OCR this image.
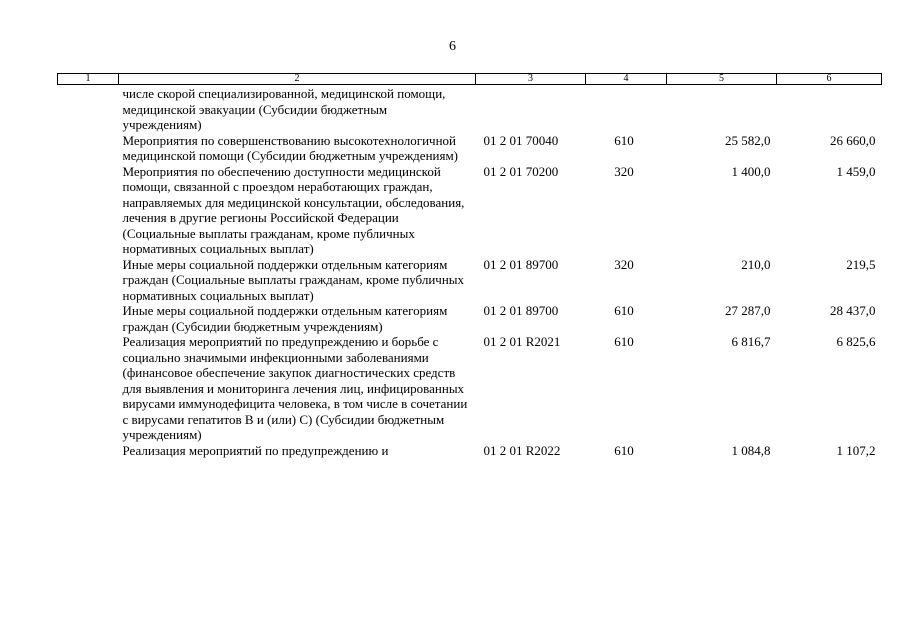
6
1	2	3	4	5	6
	числе скорой специализированной, медицинской помощи, медицинской эвакуации (Субсидии бюджетным учреждениям)				
	Мероприятия по совершенствованию высокотехнологичной медицинской помощи (Субсидии бюджетным учреждениям)	01 2 01 70040	610	25 582,0	26 660,0
	Мероприятия по обеспечению доступности медицинской помощи, связанной с проездом неработающих граждан, направляемых для медицинской консультации, обследования, лечения в другие регионы Российской Федерации (Социальные выплаты гражданам, кроме публичных нормативных социальных выплат)	01 2 01 70200	320	1 400,0	1 459,0
	Иные меры социальной поддержки отдельным категориям граждан (Социальные выплаты гражданам, кроме публичных нормативных социальных выплат)	01 2 01 89700	320	210,0	219,5
	Иные меры социальной поддержки отдельным категориям граждан (Субсидии бюджетным учреждениям)	01 2 01 89700	610	27 287,0	28 437,0
	Реализация мероприятий по предупреждению и борьбе с социально значимыми инфекционными заболеваниями (финансовое обеспечение закупок диагностических средств для выявления и мониторинга лечения лиц, инфицированных вирусами иммунодефицита человека, в том числе в сочетании с вирусами гепатитов В и (или) С) (Субсидии бюджетным учреждениям)	01 2 01 R2021	610	6 816,7	6 825,6
	Реализация мероприятий по предупреждению и	01 2 01 R2022	610	1 084,8	1 107,2
